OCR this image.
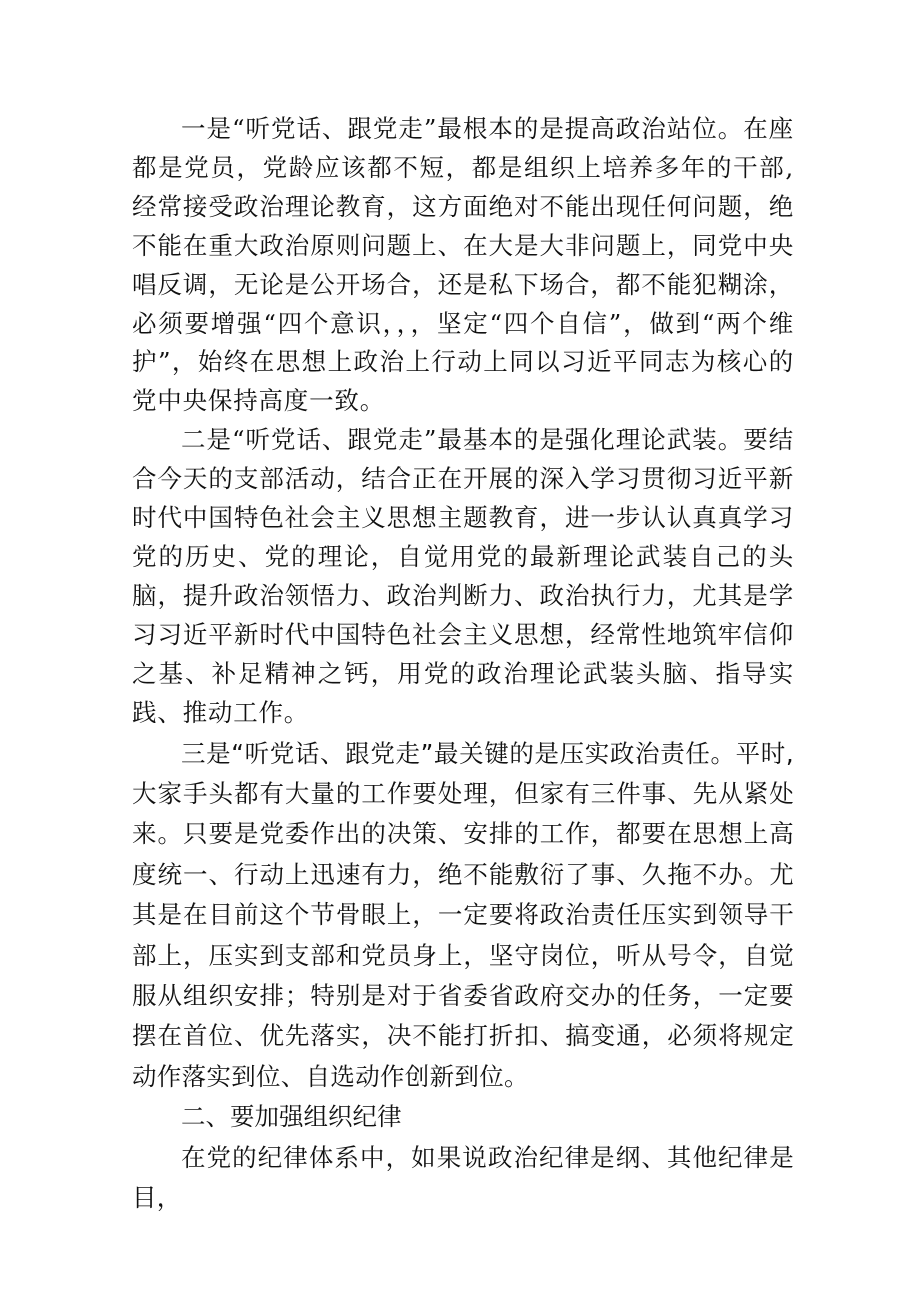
一是“听党话、跟党走”最根本的是提高政治站位。在座都是党员，党龄应该都不短，都是组织上培养多年的干部,经常接受政治理论教育，这方面绝对不能出现任何问题，绝不能在重大政治原则问题上、在大是大非问题上，同党中央唱反调，无论是公开场合，还是私下场合，都不能犯糊涂，必须要增强“四个意识，，，坚定“四个自信”，做到“两个维护”，始终在思想上政治上行动上同以习近平同志为核心的党中央保持高度一致。

二是“听党话、跟党走”最基本的是强化理论武装。要结合今天的支部活动，结合正在开展的深入学习贯彻习近平新时代中国特色社会主义思想主题教育，进一步认认真真学习党的历史、党的理论，自觉用党的最新理论武装自己的头脑，提升政治领悟力、政治判断力、政治执行力，尤其是学习习近平新时代中国特色社会主义思想，经常性地筑牢信仰之基、补足精神之钙，用党的政治理论武装头脑、指导实践、推动工作。

三是“听党话、跟党走”最关键的是压实政治责任。平时,大家手头都有大量的工作要处理，但家有三件事、先从紧处来。只要是党委作出的决策、安排的工作，都要在思想上高度统一、行动上迅速有力，绝不能敷衍了事、久拖不办。尤其是在目前这个节骨眼上，一定要将政治责任压实到领导干部上，压实到支部和党员身上，坚守岗位，听从号令，自觉服从组织安排；特别是对于省委省政府交办的任务，一定要摆在首位、优先落实，决不能打折扣、搞变通，必须将规定动作落实到位、自选动作创新到位。

二、要加强组织纪律

在党的纪律体系中，如果说政治纪律是纲、其他纪律是目，
